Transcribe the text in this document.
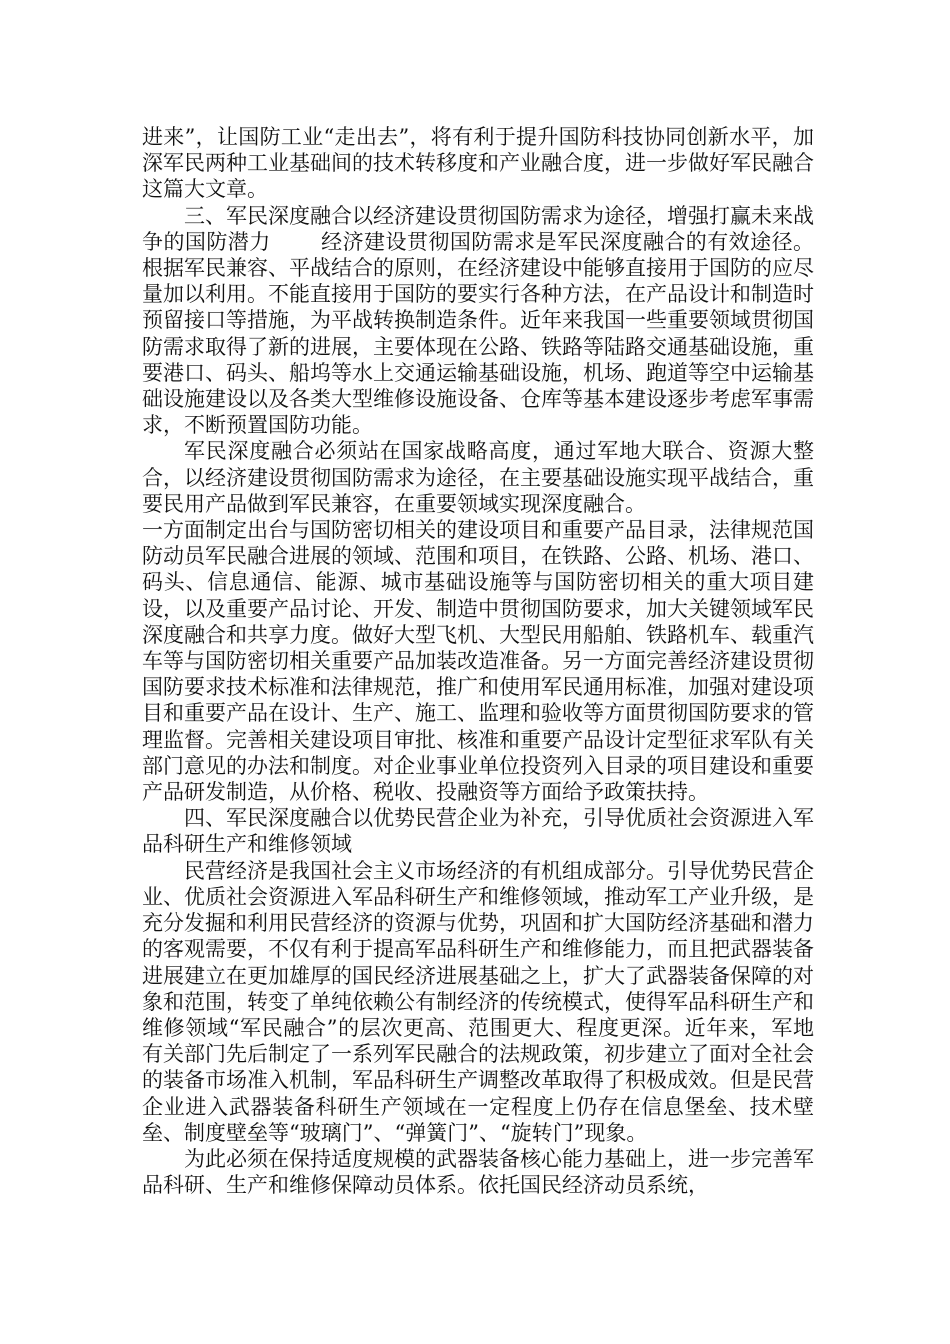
进来”，让国防工业“走出去”，将有利于提升国防科技协同创新水平，加深军民两种工业基础间的技术转移度和产业融合度，进一步做好军民融合这篇大文章。

三、军民深度融合以经济建设贯彻国防需求为途径，增强打赢未来战争的国防潜力 经济建设贯彻国防需求是军民深度融合的有效途径。根据军民兼容、平战结合的原则，在经济建设中能够直接用于国防的应尽量加以利用。不能直接用于国防的要实行各种方法，在产品设计和制造时预留接口等措施，为平战转换制造条件。近年来我国一些重要领域贯彻国防需求取得了新的进展，主要体现在公路、铁路等陆路交通基础设施，重要港口、码头、船坞等水上交通运输基础设施，机场、跑道等空中运输基础设施建设以及各类大型维修设施设备、仓库等基本建设逐步考虑军事需求，不断预置国防功能。

军民深度融合必须站在国家战略高度，通过军地大联合、资源大整合，以经济建设贯彻国防需求为途径，在主要基础设施实现平战结合，重要民用产品做到军民兼容，在重要领域实现深度融合。

一方面制定出台与国防密切相关的建设项目和重要产品目录，法律规范国防动员军民融合进展的领域、范围和项目，在铁路、公路、机场、港口、码头、信息通信、能源、城市基础设施等与国防密切相关的重大项目建设，以及重要产品讨论、开发、制造中贯彻国防要求，加大关键领域军民深度融合和共享力度。做好大型飞机、大型民用船舶、铁路机车、载重汽车等与国防密切相关重要产品加装改造准备。另一方面完善经济建设贯彻国防要求技术标准和法律规范，推广和使用军民通用标准，加强对建设项目和重要产品在设计、生产、施工、监理和验收等方面贯彻国防要求的管理监督。完善相关建设项目审批、核准和重要产品设计定型征求军队有关部门意见的办法和制度。对企业事业单位投资列入目录的项目建设和重要产品研发制造，从价格、税收、投融资等方面给予政策扶持。

四、军民深度融合以优势民营企业为补充，引导优质社会资源进入军品科研生产和维修领域

民营经济是我国社会主义市场经济的有机组成部分。引导优势民营企业、优质社会资源进入军品科研生产和维修领域，推动军工产业升级，是充分发掘和利用民营经济的资源与优势，巩固和扩大国防经济基础和潜力的客观需要，不仅有利于提高军品科研生产和维修能力，而且把武器装备进展建立在更加雄厚的国民经济进展基础之上，扩大了武器装备保障的对象和范围，转变了单纯依赖公有制经济的传统模式，使得军品科研生产和维修领域“军民融合”的层次更高、范围更大、程度更深。近年来，军地有关部门先后制定了一系列军民融合的法规政策，初步建立了面对全社会的装备市场准入机制，军品科研生产调整改革取得了积极成效。但是民营企业进入武器装备科研生产领域在一定程度上仍存在信息堡垒、技术壁垒、制度壁垒等“玻璃门”、“弹簧门”、“旋转门”现象。

为此必须在保持适度规模的武器装备核心能力基础上，进一步完善军品科研、生产和维修保障动员体系。依托国民经济动员系统，
